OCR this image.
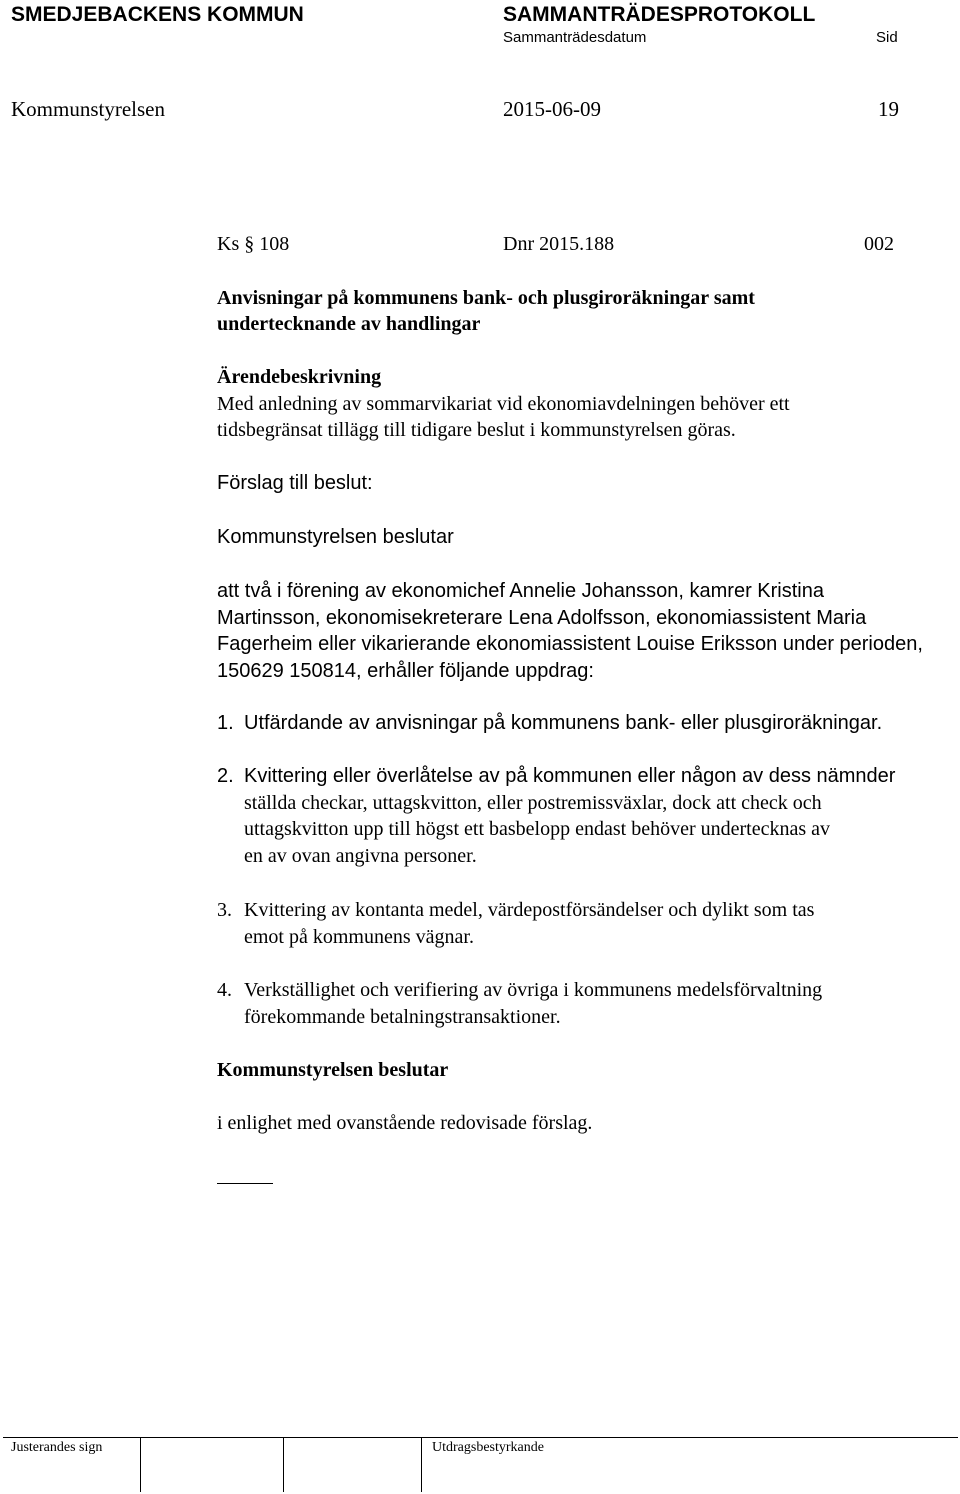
SMEDJEBACKENS KOMMUN	SAMMANTRÄDESPROTOKOLL
Sammanträdesdatum	Sid
Kommunstyrelsen	2015-06-09	19
Ks § 108	Dnr 2015.188	002
Anvisningar på kommunens bank- och plusgiroräkningar samt
undertecknande av handlingar
Ärendebeskrivning
Med anledning av sommarvikariat vid ekonomiavdelningen behöver ett
tidsbegränsat tillägg till tidigare beslut i kommunstyrelsen göras.
Förslag till beslut:
Kommunstyrelsen beslutar
att två i förening av ekonomichef Annelie Johansson, kamrer Kristina
Martinsson, ekonomisekreterare Lena Adolfsson, ekonomiassistent Maria
Fagerheim eller vikarierande ekonomiassistent Louise Eriksson under perioden,
150629 150814, erhåller följande uppdrag:
1. Utfärdande av anvisningar på kommunens bank- eller plusgiroräkningar.
2. Kvittering eller överlåtelse av på kommunen eller någon av dess nämnder
ställda checkar, uttagskvitton, eller postremissväxlar, dock att check och
uttagskvitton upp till högst ett basbelopp endast behöver undertecknas av
en av ovan angivna personer.
3. Kvittering av kontanta medel, värdepostförsändelser och dylikt som tas
emot på kommunens vägnar.
4. Verkställighet och verifiering av övriga i kommunens medelsförvaltning
förekommande betalningstransaktioner.
Kommunstyrelsen beslutar
i enlighet med ovanstående redovisade förslag.
Justerandes sign	Utdragsbestyrkande
